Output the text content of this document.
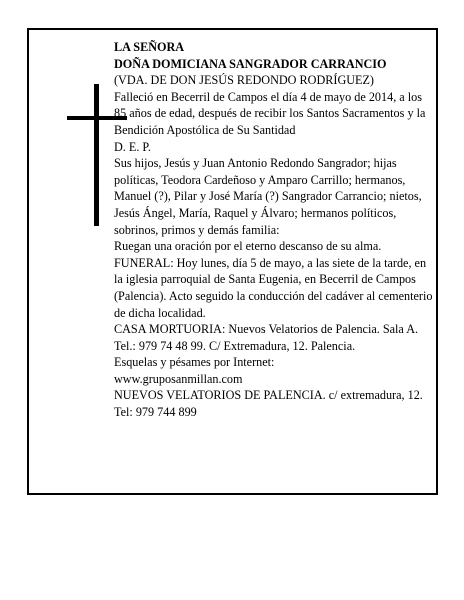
LA SEÑORA
DOÑA DOMICIANA SANGRADOR CARRANCIO
(VDA. DE DON JESÚS REDONDO RODRÍGUEZ)
Falleció en Becerril de Campos el día 4 de mayo de 2014, a los 85 años de edad, después de recibir los Santos Sacramentos y la Bendición Apostólica de Su Santidad
D. E. P.
Sus hijos, Jesús y Juan Antonio Redondo Sangrador; hijas políticas, Teodora Cardeñoso y Amparo Carrillo; hermanos, Manuel (?), Pilar y José María (?) Sangrador Carrancio; nietos, Jesús Ángel, María, Raquel y Álvaro; hermanos políticos, sobrinos, primos y demás familia:
Ruegan una oración por el eterno descanso de su alma.
FUNERAL: Hoy lunes, día 5 de mayo, a las siete de la tarde, en la iglesia parroquial de Santa Eugenia, en Becerril de Campos (Palencia). Acto seguido la conducción del cadáver al cementerio de dicha localidad.
CASA MORTUORIA: Nuevos Velatorios de Palencia. Sala A. Tel.: 979 74 48 99. C/ Extremadura, 12. Palencia.
Esquelas y pésames por Internet:
www.gruposanmillan.com
NUEVOS VELATORIOS DE PALENCIA. c/ extremadura, 12. Tel: 979 744 899
